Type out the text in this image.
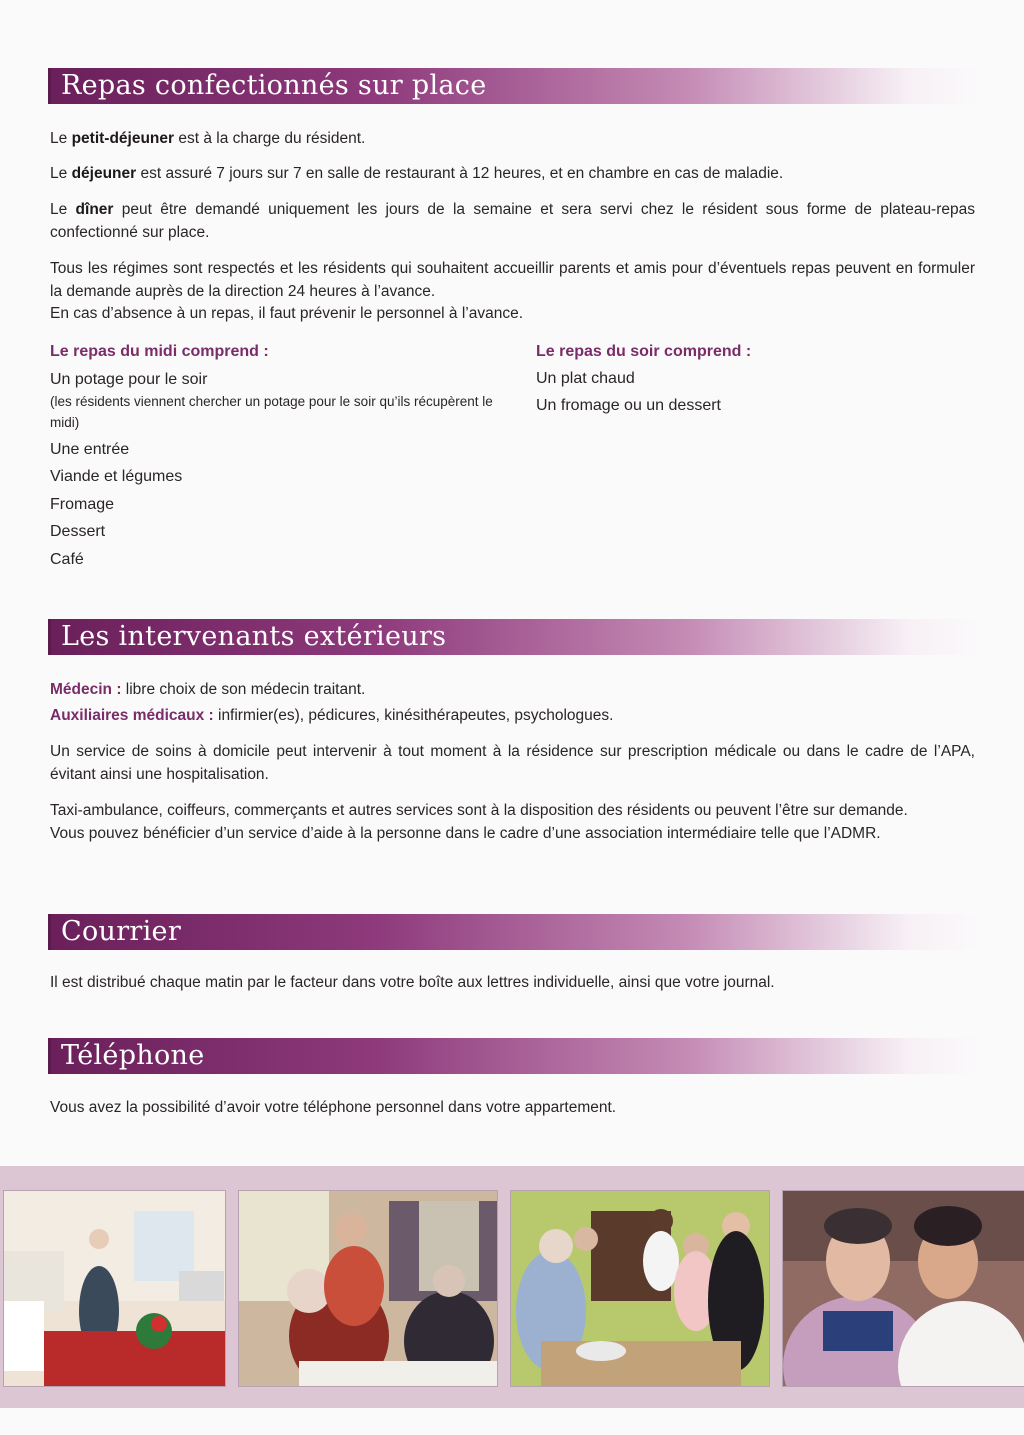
Repas confectionnés sur place

Le petit-déjeuner est à la charge du résident.

Le déjeuner est assuré 7 jours sur 7 en salle de restaurant à 12 heures, et en chambre en cas de maladie.

Le dîner peut être demandé uniquement les jours de la semaine et sera servi chez le résident sous forme de plateau-repas confectionné sur place.

Tous les régimes sont respectés et les résidents qui souhaitent accueillir parents et amis pour d’éventuels repas peuvent en formuler la demande auprès de la direction 24 heures à l’avance.
En cas d’absence à un repas, il faut prévenir le personnel à l’avance.

Le repas du midi comprend :
Un potage pour le soir
(les résidents viennent chercher un potage pour le soir qu’ils récupèrent le midi)
Une entrée
Viande et légumes
Fromage
Dessert
Café
Le repas du soir comprend :
Un plat chaud
Un fromage ou un dessert
Les intervenants extérieurs

Médecin : libre choix de son médecin traitant.

Auxiliaires médicaux : infirmier(es), pédicures, kinésithérapeutes, psychologues.

Un service de soins à domicile peut intervenir à tout moment à la résidence sur prescription médicale ou dans le cadre de l’APA, évitant ainsi une hospitalisation.

Taxi-ambulance, coiffeurs, commerçants et autres services sont à la disposition des résidents ou peuvent l’être sur demande.
Vous pouvez bénéficier d’un service d’aide à la personne dans le cadre d’une association intermédiaire telle que l’ADMR.

Courrier

Il est distribué chaque matin par le facteur dans votre boîte aux lettres individuelle, ainsi que votre journal.

Téléphone

Vous avez la possibilité d’avoir votre téléphone personnel dans votre appartement.
